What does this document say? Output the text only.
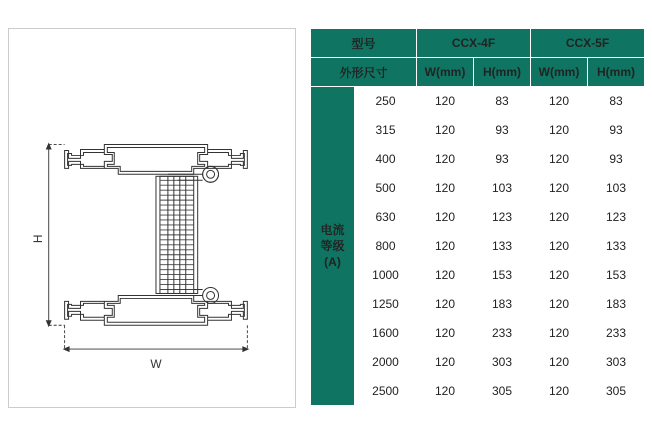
H
W
型号		CCX-4F		CCX-5F	
外形尺寸		W(mm)	H(mm)	W(mm)	H(mm)

电流
等级
(A)	250	120	83	120	83
	315	120	93	120	93
	400	120	93	120	93
	500	120	103	120	103
	630	120	123	120	123
	800	120	133	120	133
	1000	120	153	120	153
	1250	120	183	120	183
	1600	120	233	120	233
	2000	120	303	120	303
	2500	120	305	120	305
